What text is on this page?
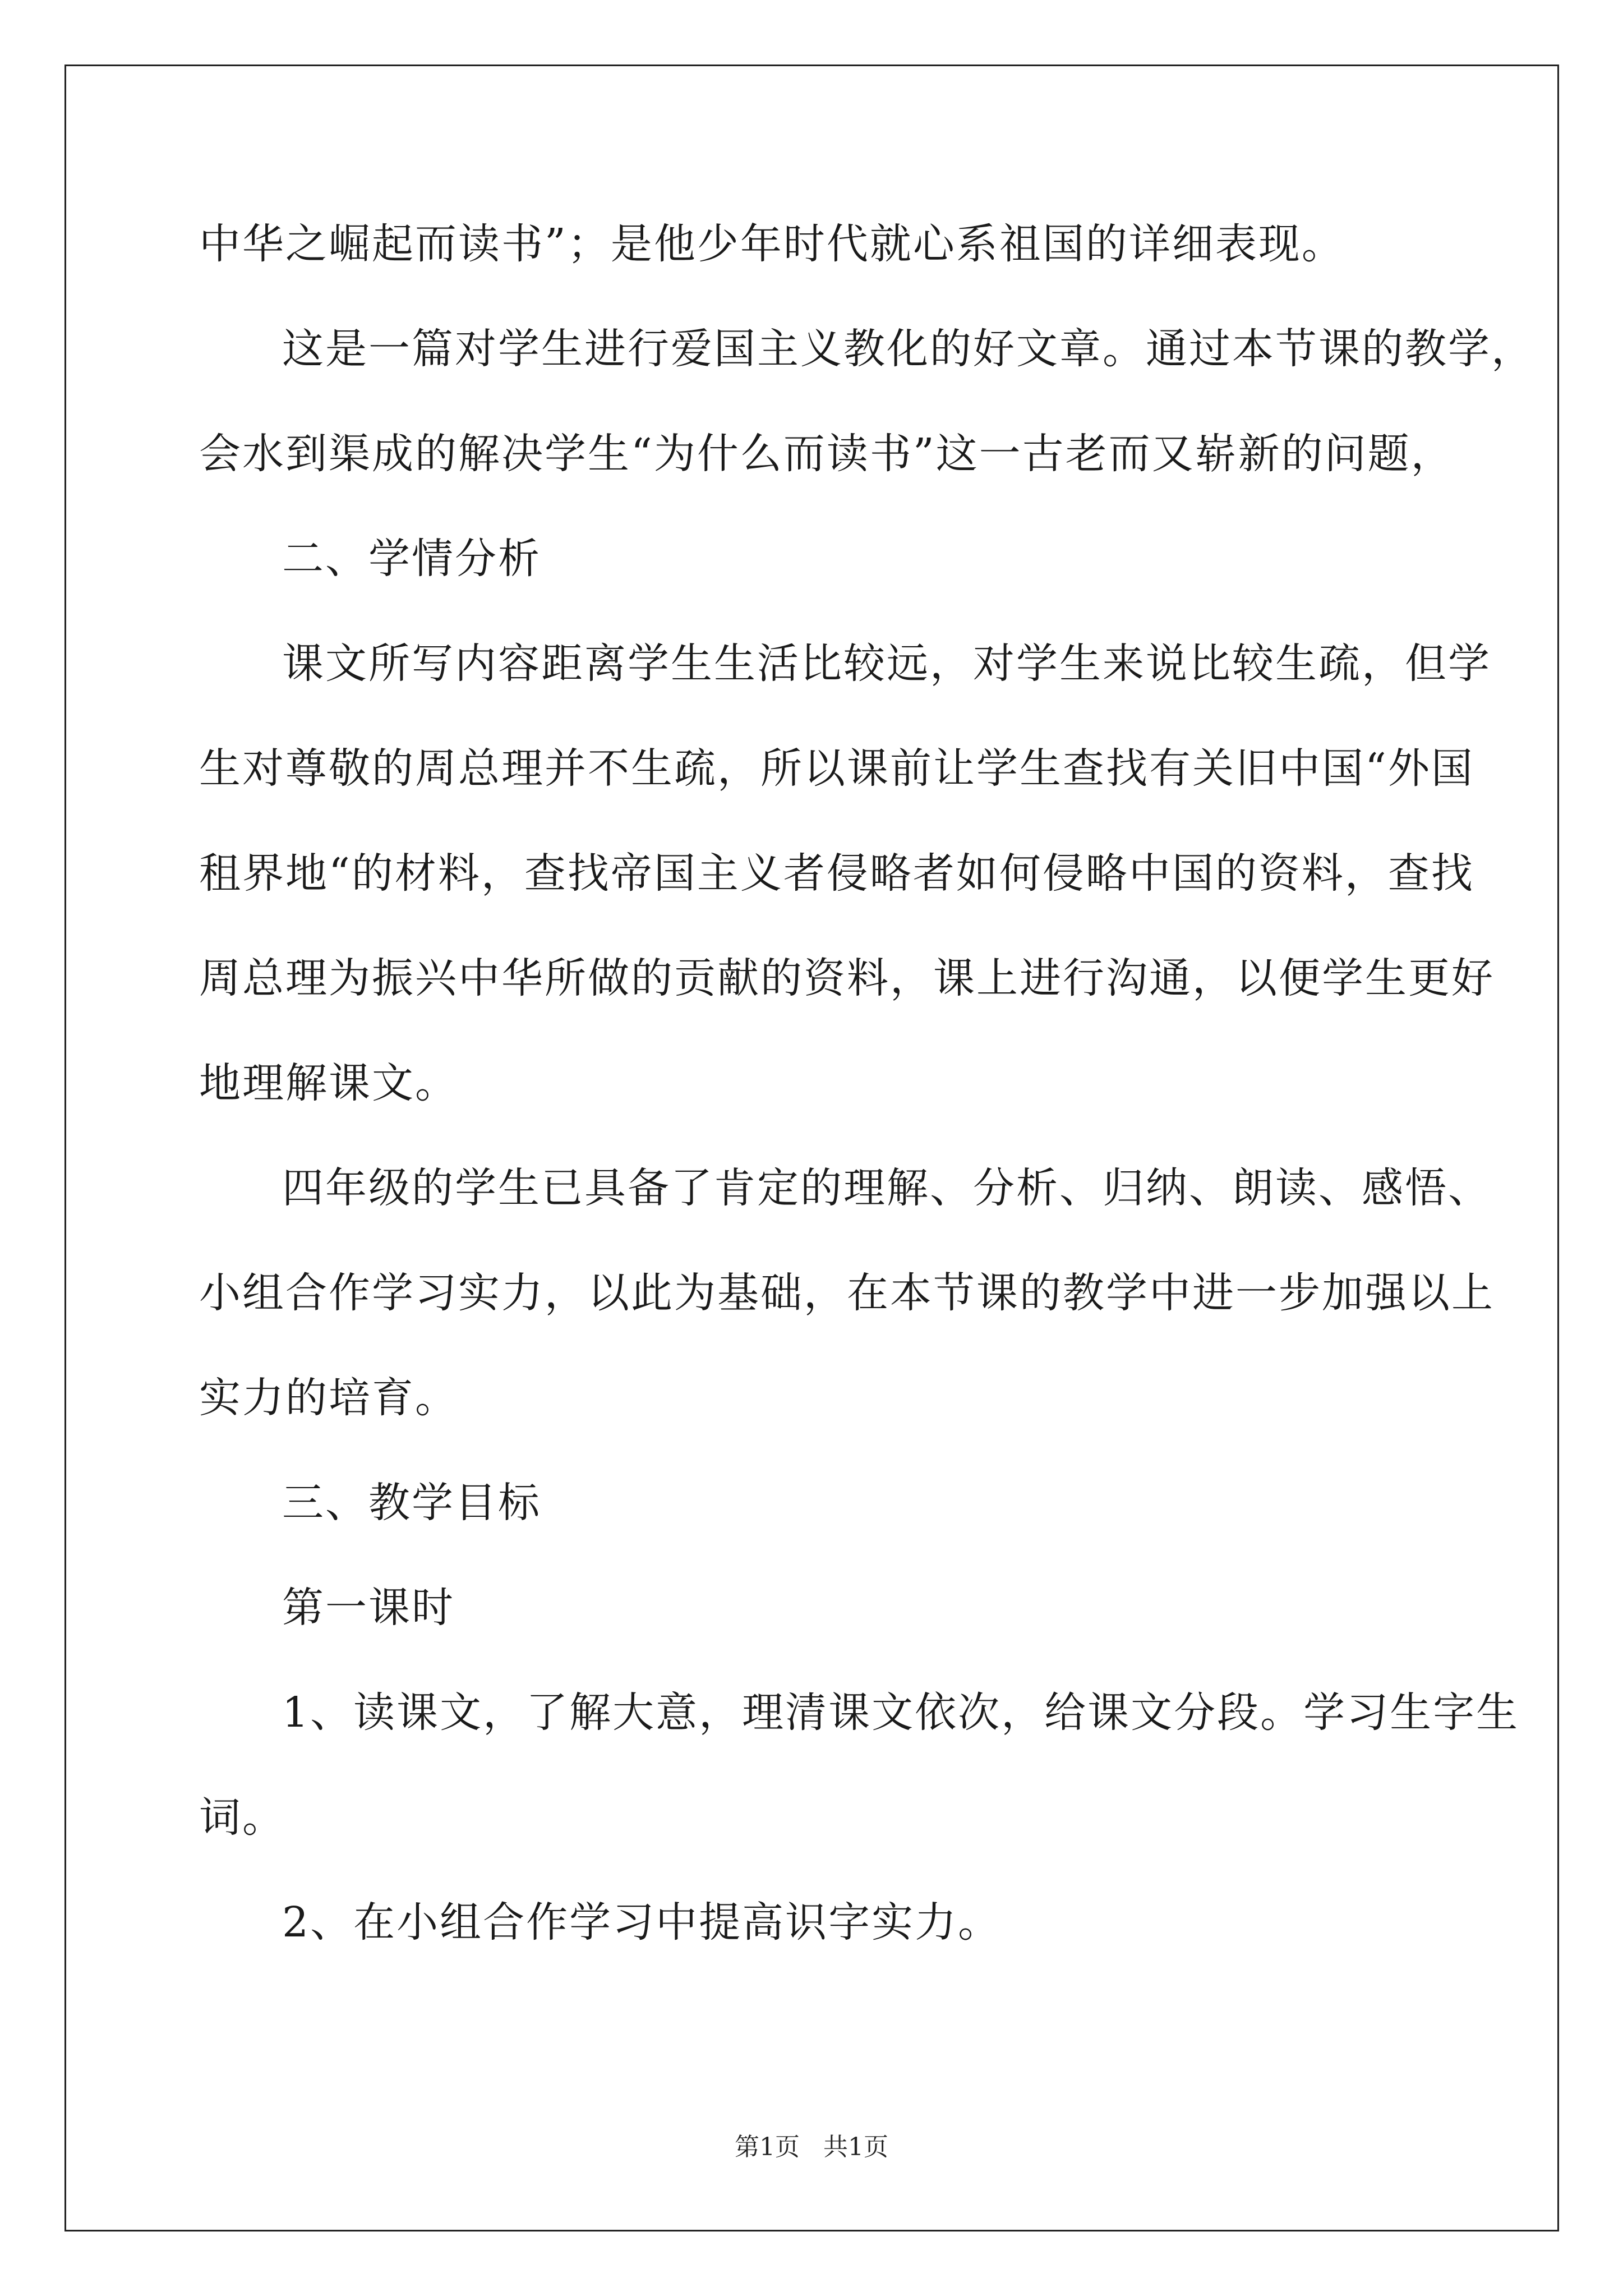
中华之崛起而读书”；是他少年时代就心系祖国的详细表现。
这是一篇对学生进行爱国主义教化的好文章。通过本节课的教学，
会水到渠成的解决学生“为什么而读书”这一古老而又崭新的问题，
二、学情分析
课文所写内容距离学生生活比较远，对学生来说比较生疏，但学
生对尊敬的周总理并不生疏，所以课前让学生查找有关旧中国“外国
租界地“的材料，查找帝国主义者侵略者如何侵略中国的资料，查找
周总理为振兴中华所做的贡献的资料，课上进行沟通，以便学生更好
地理解课文。
四年级的学生已具备了肯定的理解、分析、归纳、朗读、感悟、
小组合作学习实力，以此为基础，在本节课的教学中进一步加强以上
实力的培育。
三、教学目标
第一课时
1、读课文，了解大意，理清课文依次，给课文分段。学习生字生
词。
2、在小组合作学习中提高识字实力。
第1页   共1页
